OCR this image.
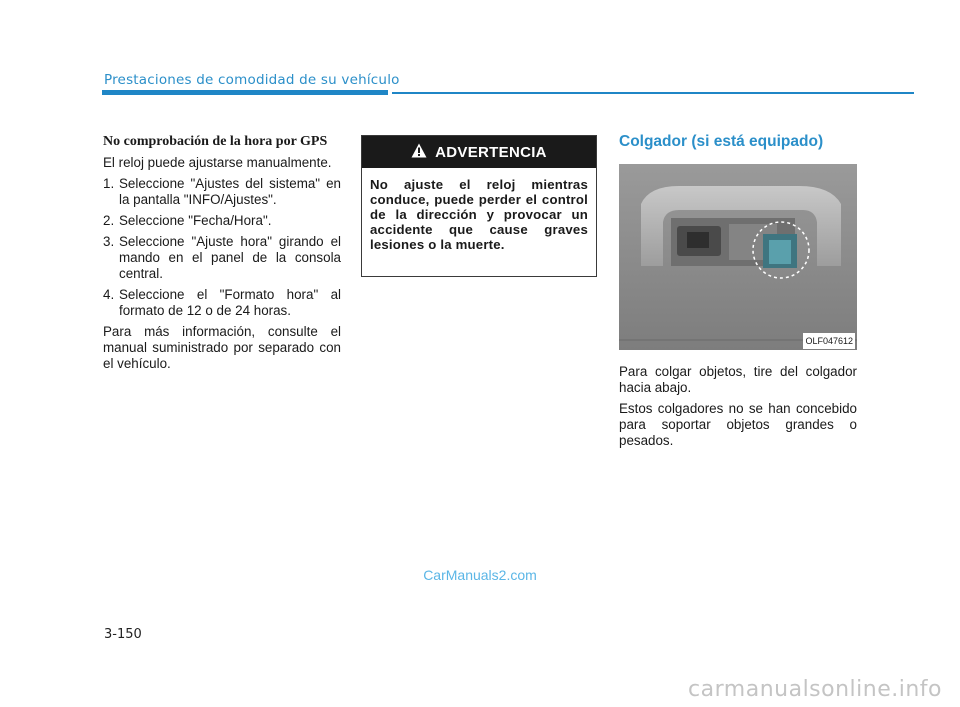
Prestaciones de comodidad de su vehículo

No comprobación de la hora por GPS

El reloj puede ajustarse manualmente.

1. Seleccione "Ajustes del sistema" en la pantalla "INFO/Ajustes".
2. Seleccione "Fecha/Hora".
3. Seleccione "Ajuste hora" girando el mando en el panel de la consola central.
4. Seleccione el "Formato hora" al formato de 12 o de 24 horas.

Para más información, consulte el manual suministrado por separado con el vehículo.

ADVERTENCIA
No ajuste el reloj mientras conduce, puede perder el control de la dirección y provocar un accidente que cause graves lesiones o la muerte.
Colgador (si está equipado)
OLF047612

Para colgar objetos, tire del colgador hacia abajo.

Estos colgadores no se han concebido para soportar objetos grandes o pesados.

CarManuals2.com
3-150
carmanualsonline.info
